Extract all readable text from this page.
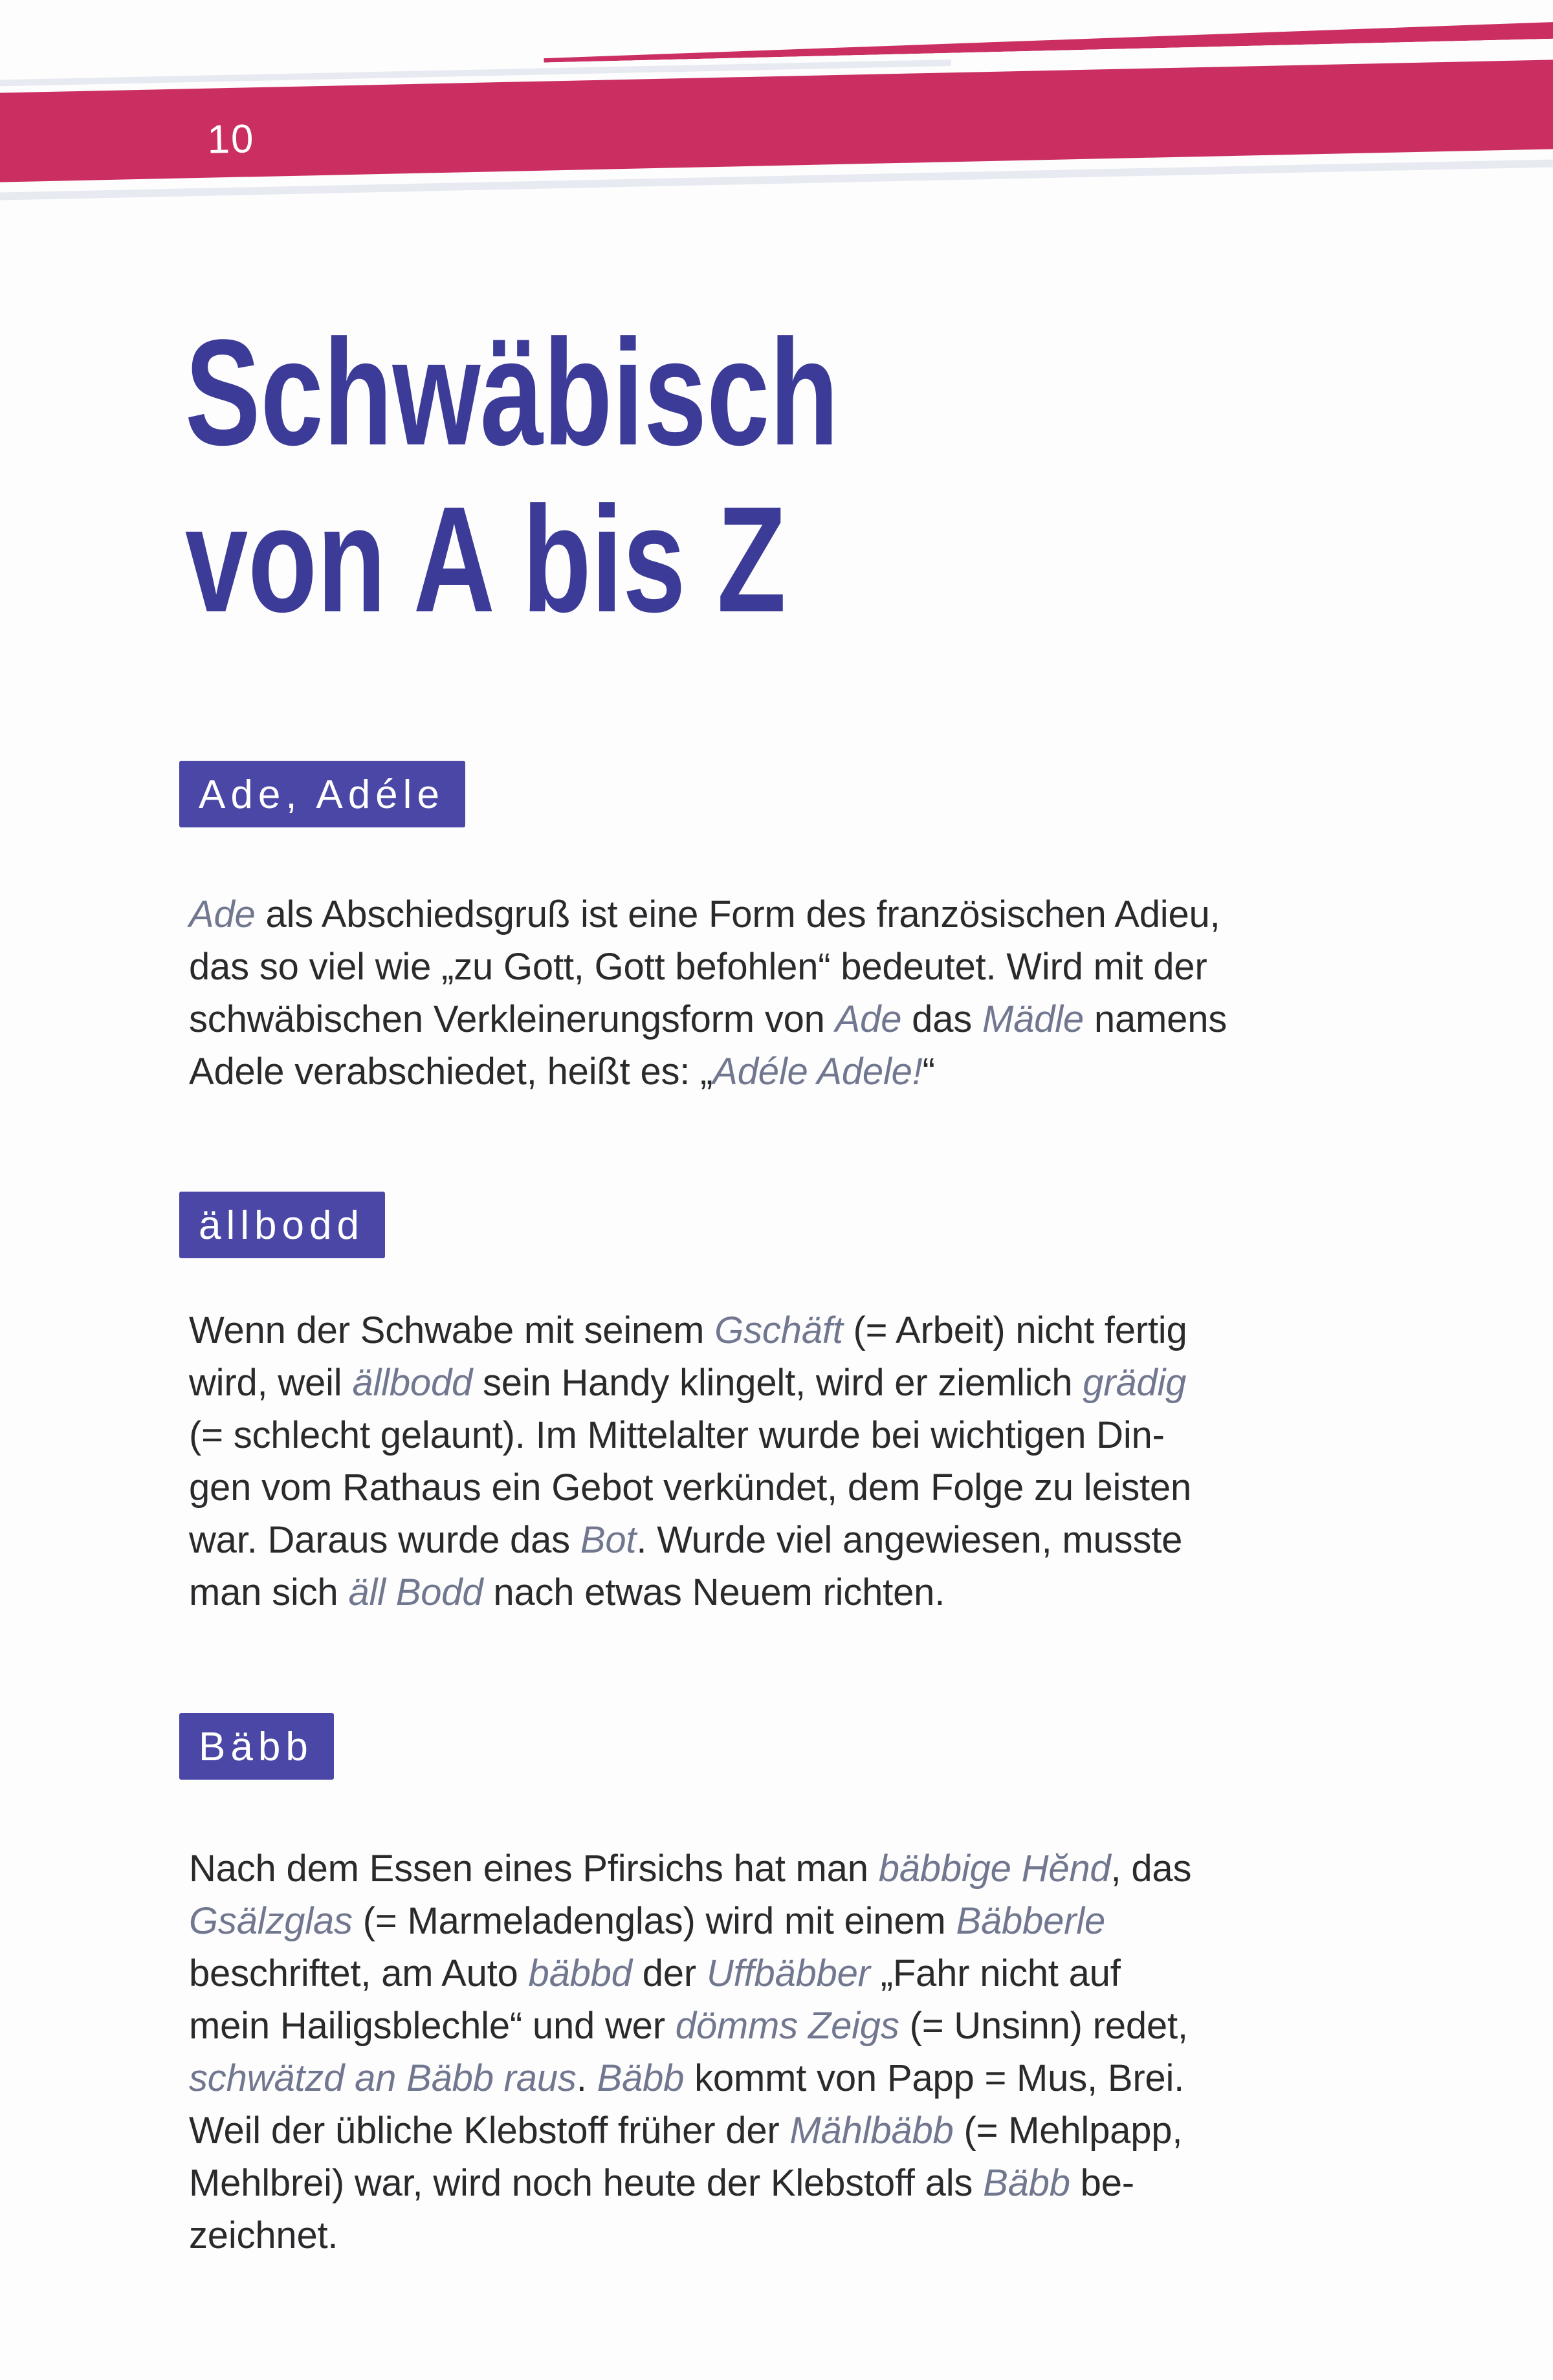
10
Schwäbisch
von A bis Z
Ade, Adéle
Ade als Abschiedsgruß ist eine Form des französischen Adieu,
das so viel wie „zu Gott, Gott befohlen“ bedeutet. Wird mit der
schwäbischen Verkleinerungsform von Ade das Mädle namens
Adele verabschiedet, heißt es: „Adéle Adele!“
ällbodd
Wenn der Schwabe mit seinem Gschäft (= Arbeit) nicht fertig
wird, weil ällbodd sein Handy klingelt, wird er ziemlich grädig
(= schlecht gelaunt). Im Mittelalter wurde bei wichtigen Din-
gen vom Rathaus ein Gebot verkündet, dem Folge zu leisten
war. Daraus wurde das Bot. Wurde viel angewiesen, musste
man sich äll Bodd nach etwas Neuem richten.
Bäbb
Nach dem Essen eines Pfirsichs hat man bäbbige Hĕnd, das
Gsälzglas (= Marmeladenglas) wird mit einem Bäbberle
beschriftet, am Auto bäbbd der Uffbäbber „Fahr nicht auf
mein Hailigsblechle“ und wer dömms Zeigs (= Unsinn) redet,
schwätzd an Bäbb raus. Bäbb kommt von Papp = Mus, Brei.
Weil der übliche Klebstoff früher der Mählbäbb (= Mehlpapp,
Mehlbrei) war, wird noch heute der Klebstoff als Bäbb be-
zeichnet.
